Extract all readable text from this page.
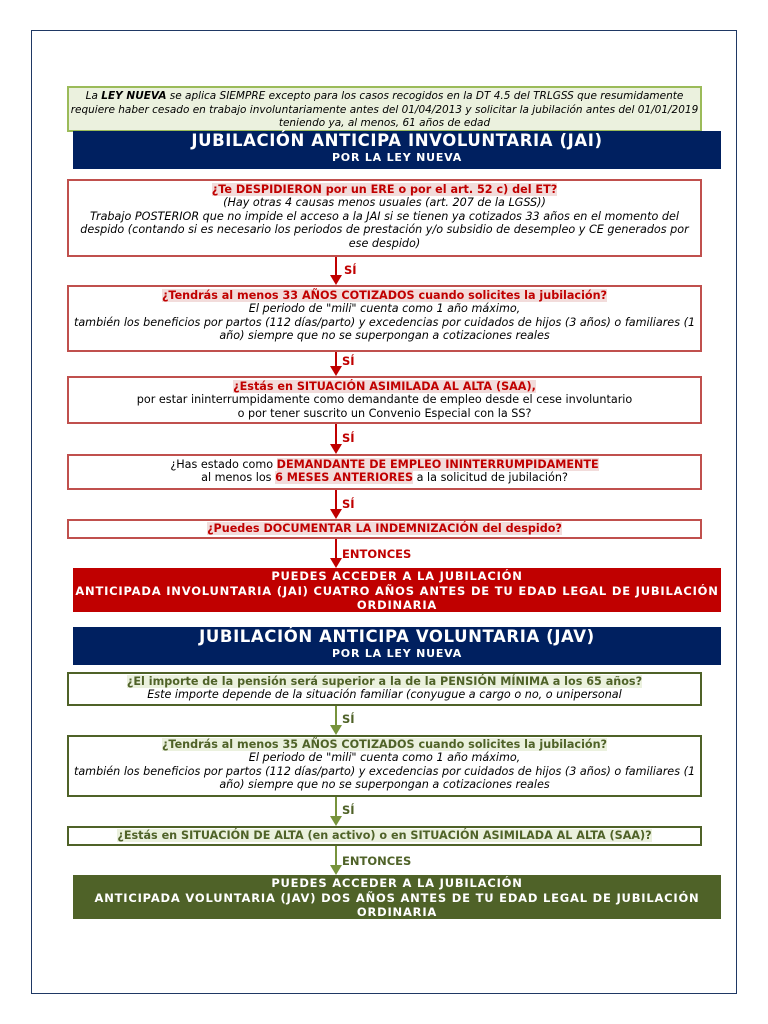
La LEY NUEVA se aplica SIEMPRE excepto para los casos recogidos en la DT 4.5 del TRLGSS que resumidamente requiere haber cesado en trabajo involuntariamente antes del 01/04/2013 y solicitar la jubilación antes del 01/01/2019 teniendo ya, al menos, 61 años de edad
JUBILACIÓN ANTICIPA INVOLUNTARIA (JAI)
POR LA LEY NUEVA
¿Te DESPIDIERON por un ERE o por el art. 52 c) del ET?
(Hay otras 4 causas menos usuales (art. 207 de la LGSS))
Trabajo POSTERIOR que no impide el acceso a la JAI si se tienen ya cotizados 33 años en el momento del despido (contando si es necesario los periodos de prestación y/o subsidio de desempleo y CE generados por ese despido)
SÍ
¿Tendrás al menos 33 AÑOS COTIZADOS cuando solicites la jubilación?
El periodo de "mili" cuenta como 1 año máximo,
también los beneficios por partos (112 días/parto) y excedencias por cuidados de hijos (3 años) o familiares (1 año) siempre que no se superpongan a cotizaciones reales
SÍ
¿Estás en SITUACIÓN ASIMILADA AL ALTA (SAA),
por estar ininterrumpidamente como demandante de empleo desde el cese involuntario
o por tener suscrito un Convenio Especial con la SS?
SÍ
¿Has estado como DEMANDANTE DE EMPLEO ININTERRUMPIDAMENTE
al menos los 6 MESES ANTERIORES a la solicitud de jubilación?
SÍ
¿Puedes DOCUMENTAR LA INDEMNIZACIÓN del despido?
ENTONCES
PUEDES ACCEDER A LA JUBILACIÓN
ANTICIPADA INVOLUNTARIA (JAI) CUATRO AÑOS ANTES DE TU EDAD LEGAL DE JUBILACIÓN ORDINARIA
JUBILACIÓN ANTICIPA VOLUNTARIA (JAV)
POR LA LEY NUEVA
¿El importe de la pensión será superior a la de la PENSIÓN MÍNIMA a los 65 años?
Este importe depende de la situación familiar (conyugue a cargo o no, o unipersonal
SÍ
¿Tendrás al menos 35 AÑOS COTIZADOS cuando solicites la jubilación?
El periodo de "mili" cuenta como 1 año máximo,
también los beneficios por partos (112 días/parto) y excedencias por cuidados de hijos (3 años) o familiares (1 año) siempre que no se superpongan a cotizaciones reales
SÍ
¿Estás en SITUACIÓN DE ALTA (en activo) o en SITUACIÓN ASIMILADA AL ALTA (SAA)?
ENTONCES
PUEDES ACCEDER A LA JUBILACIÓN
ANTICIPADA VOLUNTARIA (JAV) DOS AÑOS ANTES DE TU EDAD LEGAL DE JUBILACIÓN ORDINARIA
